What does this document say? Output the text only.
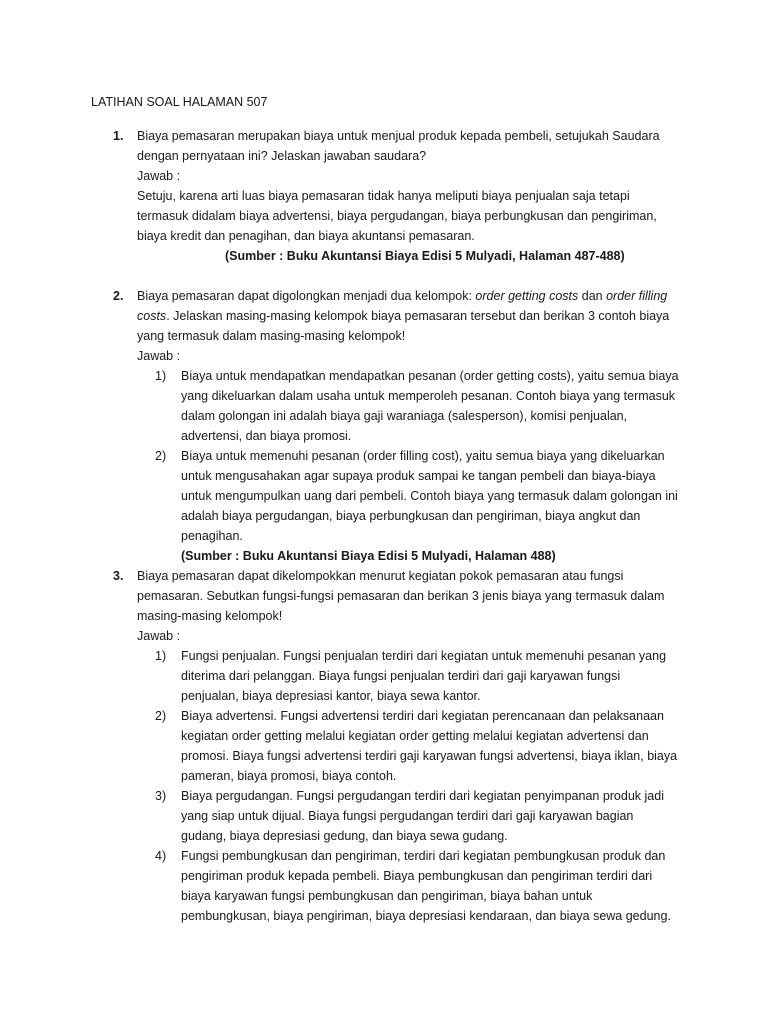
LATIHAN SOAL HALAMAN 507
1. Biaya pemasaran merupakan biaya untuk menjual produk kepada pembeli, setujukah Saudara dengan pernyataan ini? Jelaskan jawaban saudara?
Jawab :
Setuju, karena arti luas biaya pemasaran tidak hanya meliputi biaya penjualan saja tetapi termasuk didalam biaya advertensi, biaya pergudangan, biaya perbungkusan dan pengiriman, biaya kredit dan penagihan, dan biaya akuntansi pemasaran.
(Sumber : Buku Akuntansi Biaya Edisi 5 Mulyadi, Halaman 487-488)
2. Biaya pemasaran dapat digolongkan menjadi dua kelompok: order getting costs dan order filling costs. Jelaskan masing-masing kelompok biaya pemasaran tersebut dan berikan 3 contoh biaya yang termasuk dalam masing-masing kelompok!
Jawab :
1) Biaya untuk mendapatkan mendapatkan pesanan (order getting costs), yaitu semua biaya yang dikeluarkan dalam usaha untuk memperoleh pesanan. Contoh biaya yang termasuk dalam golongan ini adalah biaya gaji waraniaga (salesperson), komisi penjualan, advertensi, dan biaya promosi.
2) Biaya untuk memenuhi pesanan (order filling cost), yaitu semua biaya yang dikeluarkan untuk mengusahakan agar supaya produk sampai ke tangan pembeli dan biaya-biaya untuk mengumpulkan uang dari pembeli. Contoh biaya yang termasuk dalam golongan ini adalah biaya pergudangan, biaya perbungkusan dan pengiriman, biaya angkut dan penagihan.
(Sumber : Buku Akuntansi Biaya Edisi 5 Mulyadi, Halaman 488)
3. Biaya pemasaran dapat dikelompokkan menurut kegiatan pokok pemasaran atau fungsi pemasaran. Sebutkan fungsi-fungsi pemasaran dan berikan 3 jenis biaya yang termasuk dalam masing-masing kelompok!
Jawab :
1) Fungsi penjualan. Fungsi penjualan terdiri dari kegiatan untuk memenuhi pesanan yang diterima dari pelanggan. Biaya fungsi penjualan terdiri dari gaji karyawan fungsi penjualan, biaya depresiasi kantor, biaya sewa kantor.
2) Biaya advertensi. Fungsi advertensi terdiri dari kegiatan perencanaan dan pelaksanaan kegiatan order getting melalui kegiatan order getting melalui kegiatan advertensi dan promosi. Biaya fungsi advertensi terdiri gaji karyawan fungsi advertensi, biaya iklan, biaya pameran, biaya promosi, biaya contoh.
3) Biaya pergudangan. Fungsi pergudangan terdiri dari kegiatan penyimpanan produk jadi yang siap untuk dijual. Biaya fungsi pergudangan terdiri dari gaji karyawan bagian gudang, biaya depresiasi gedung, dan biaya sewa gudang.
4) Fungsi pembungkusan dan pengiriman, terdiri dari kegiatan pembungkusan produk dan pengiriman produk kepada pembeli. Biaya pembungkusan dan pengiriman terdiri dari biaya karyawan fungsi pembungkusan dan pengiriman, biaya bahan untuk pembungkusan, biaya pengiriman, biaya depresiasi kendaraan, dan biaya sewa gedung.
